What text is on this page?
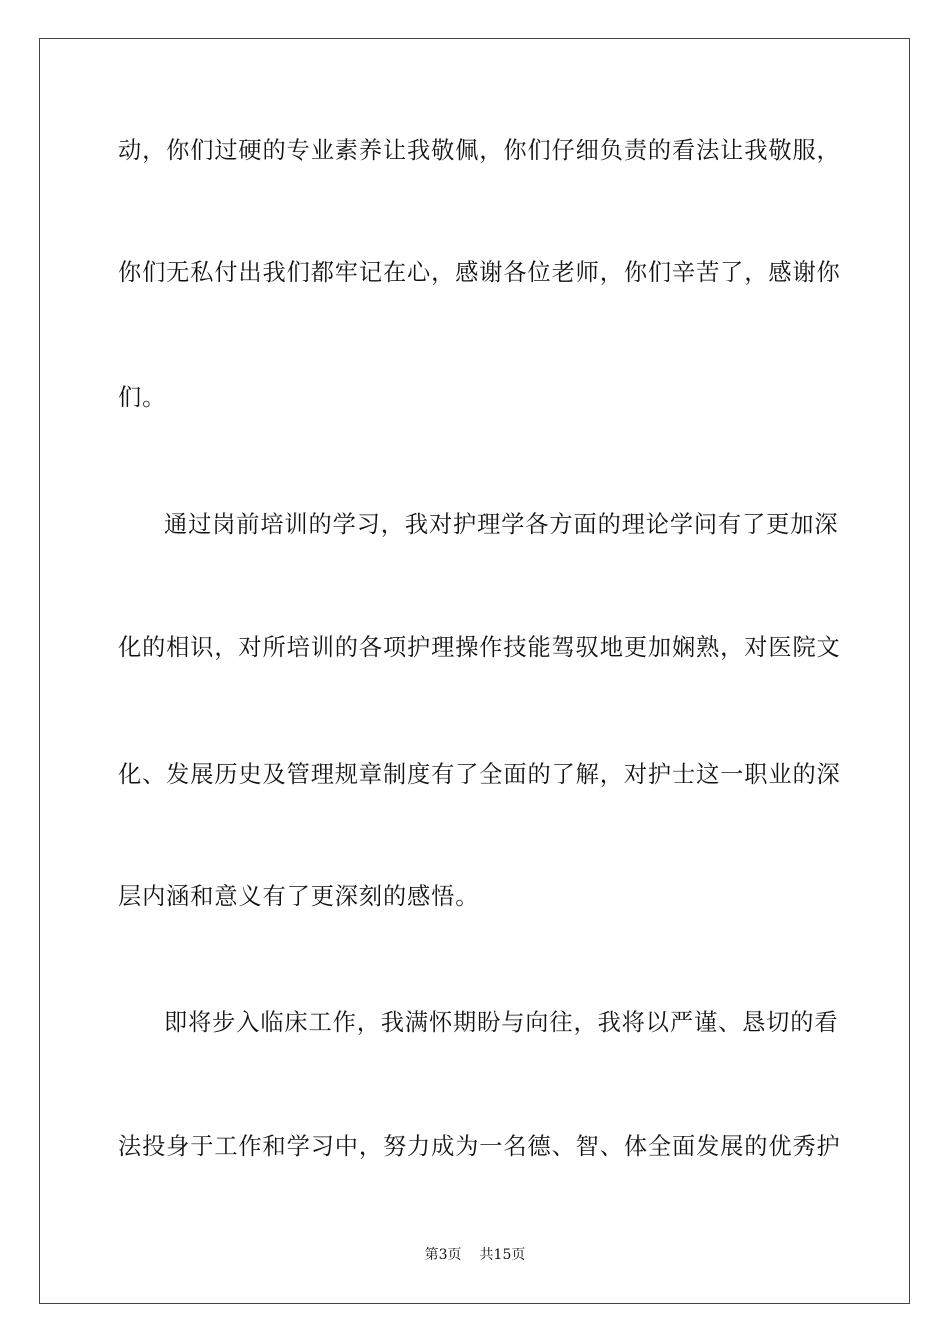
动，你们过硬的专业素养让我敬佩，你们仔细负责的看法让我敬服，
你们无私付出我们都牢记在心，感谢各位老师，你们辛苦了，感谢你
们。
通过岗前培训的学习，我对护理学各方面的理论学问有了更加深
化的相识，对所培训的各项护理操作技能驾驭地更加娴熟，对医院文
化、发展历史及管理规章制度有了全面的了解，对护士这一职业的深
层内涵和意义有了更深刻的感悟。
即将步入临床工作，我满怀期盼与向往，我将以严谨、恳切的看
法投身于工作和学习中，努力成为一名德、智、体全面发展的优秀护
第3页 共15页
